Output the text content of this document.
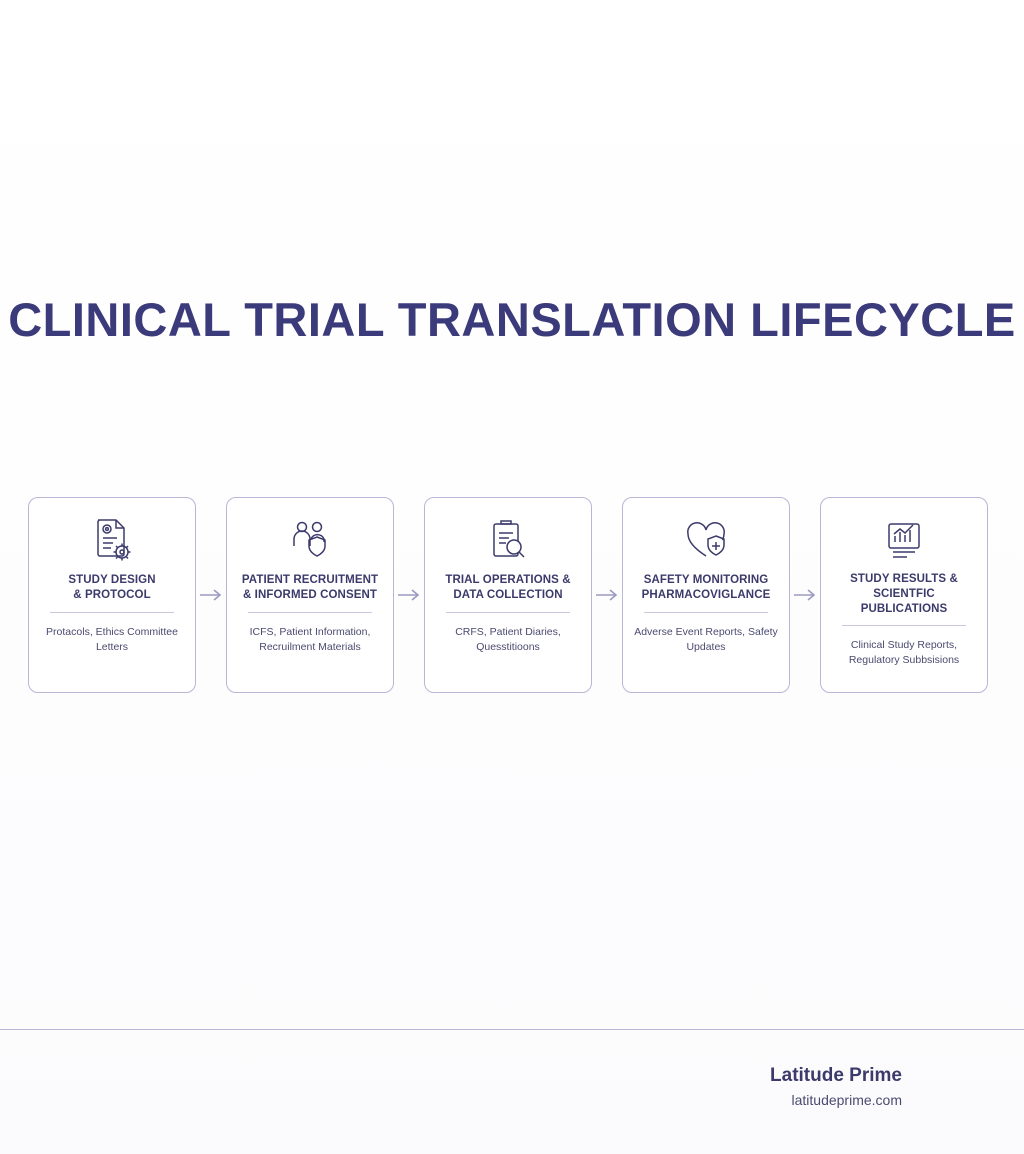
CLINICAL TRIAL TRANSLATION LIFECYCLE
STUDY DESIGN
& PROTOCOL
Protacols, Ethics Committee Letters
PATIENT RECRUITMENT
& INFORMED CONSENT
ICFS, Patient Information, Recruilment Materials
TRIAL OPERATIONS &
DATA COLLECTION
CRFS, Patient Diaries, Quesstitioons
SAFETY MONITORING
PHARMACOVIGLANCE
Adverse Event Reports, Safety Updates
STUDY RESULTS &
SCIENTFIC
PUBLICATIONS
Clinical Study Reports, Regulatory Subbsisions
Latitude Prime
latitudeprime.com
